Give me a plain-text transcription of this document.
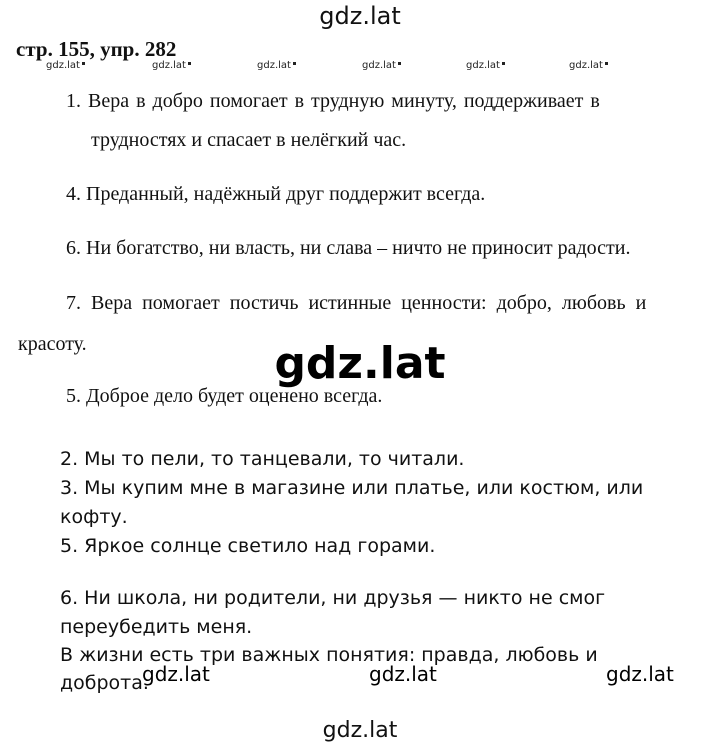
gdz.lat
стр. 155, упр. 282
gdz.lat	gdz.lat	gdz.lat	gdz.lat	gdz.lat	gdz.lat
1. Вера в добро помогает в трудную минуту, поддерживает в
трудностях и спасает в нелёгкий час.
4. Преданный, надёжный друг поддержит всегда.
6. Ни богатство, ни власть, ни слава – ничто не приносит радости.
7. Вера помогает постичь истинные ценности: добро, любовь и
красоту.
5. Доброе дело будет оценено всегда.
gdz.lat
2. Мы то пели, то танцевали, то читали.
3. Мы купим мне в магазине или платье, или костюм, или
кофту.
5. Яркое солнце светило над горами.
6. Ни школа, ни родители, ни друзья — никто не смог
переубедить меня.
В жизни есть три важных понятия: правда, любовь и
доброта.
gdz.lat	gdz.lat	gdz.lat
gdz.lat
